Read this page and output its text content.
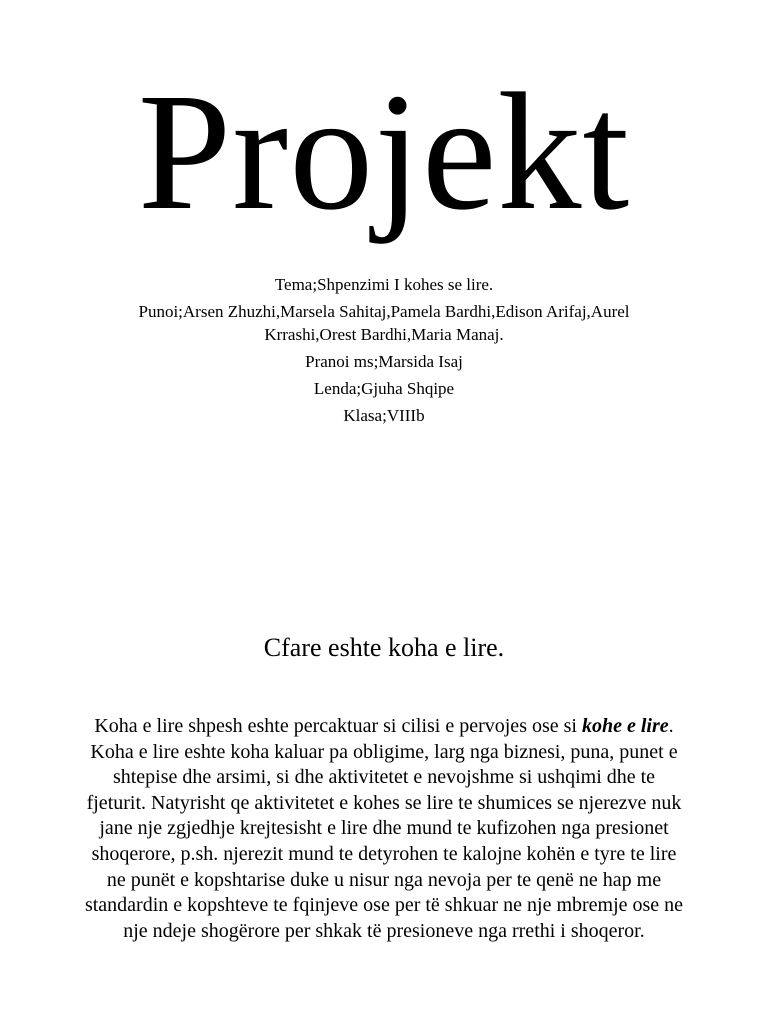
Projekt
Tema;Shpenzimi I kohes se lire.
Punoi;Arsen Zhuzhi,Marsela Sahitaj,Pamela Bardhi,Edison Arifaj,Aurel Krrashi,Orest Bardhi,Maria Manaj.
Pranoi ms;Marsida Isaj
Lenda;Gjuha Shqipe
Klasa;VIIIb
Cfare eshte koha e lire.
Koha e lire shpesh eshte percaktuar si cilisi e pervojes ose si kohe e lire. Koha e lire eshte koha kaluar pa obligime, larg nga biznesi, puna, punet e shtepise dhe arsimi, si dhe aktivitetet e nevojshme si ushqimi dhe te fjeturit. Natyrisht qe aktivitetet e kohes se lire te shumices se njerezve nuk jane nje zgjedhje krejtesisht e lire dhe mund te kufizohen nga presionet shoqerore, p.sh. njerezit mund te detyrohen te kalojne kohën e tyre te lire ne punët e kopshtarise duke u nisur nga nevoja per te qenë ne hap me standardin e kopshteve te fqinjeve ose per të shkuar ne nje mbremje ose ne nje ndeje shogërore per shkak të presioneve nga rrethi i shoqeror.
